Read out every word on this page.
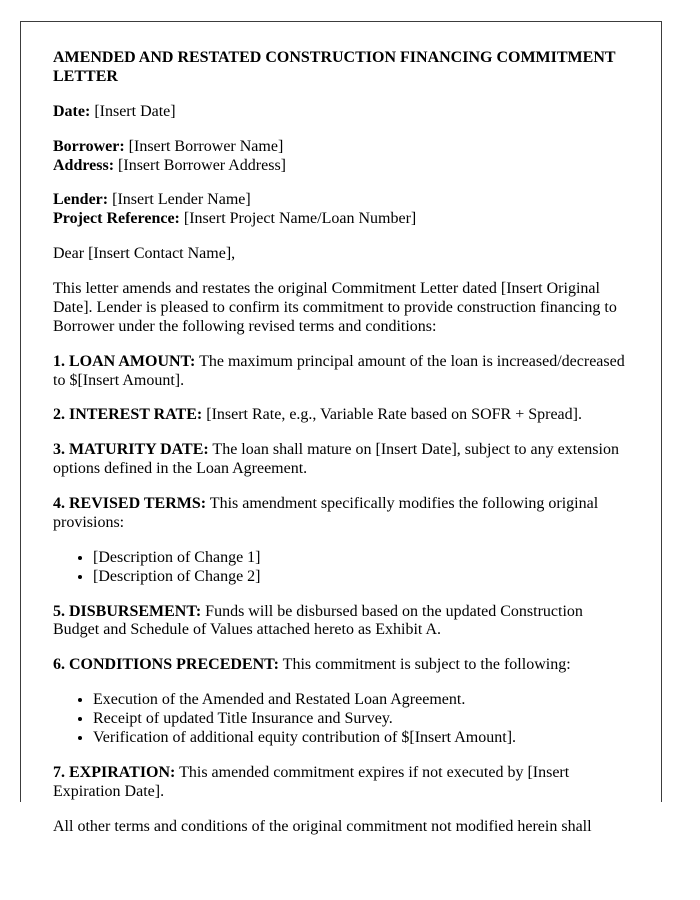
AMENDED AND RESTATED CONSTRUCTION FINANCING COMMITMENT LETTER

Date: [Insert Date]

Borrower: [Insert Borrower Name]
Address: [Insert Borrower Address]

Lender: [Insert Lender Name]
Project Reference: [Insert Project Name/Loan Number]

Dear [Insert Contact Name],

This letter amends and restates the original Commitment Letter dated [Insert Original Date]. Lender is pleased to confirm its commitment to provide construction financing to Borrower under the following revised terms and conditions:

1. LOAN AMOUNT: The maximum principal amount of the loan is increased/decreased to $[Insert Amount].

2. INTEREST RATE: [Insert Rate, e.g., Variable Rate based on SOFR + Spread].

3. MATURITY DATE: The loan shall mature on [Insert Date], subject to any extension options defined in the Loan Agreement.

4. REVISED TERMS: This amendment specifically modifies the following original provisions:

• [Description of Change 1]
• [Description of Change 2]

5. DISBURSEMENT: Funds will be disbursed based on the updated Construction Budget and Schedule of Values attached hereto as Exhibit A.

6. CONDITIONS PRECEDENT: This commitment is subject to the following:

• Execution of the Amended and Restated Loan Agreement.
• Receipt of updated Title Insurance and Survey.
• Verification of additional equity contribution of $[Insert Amount].

7. EXPIRATION: This amended commitment expires if not executed by [Insert Expiration Date].

All other terms and conditions of the original commitment not modified herein shall
